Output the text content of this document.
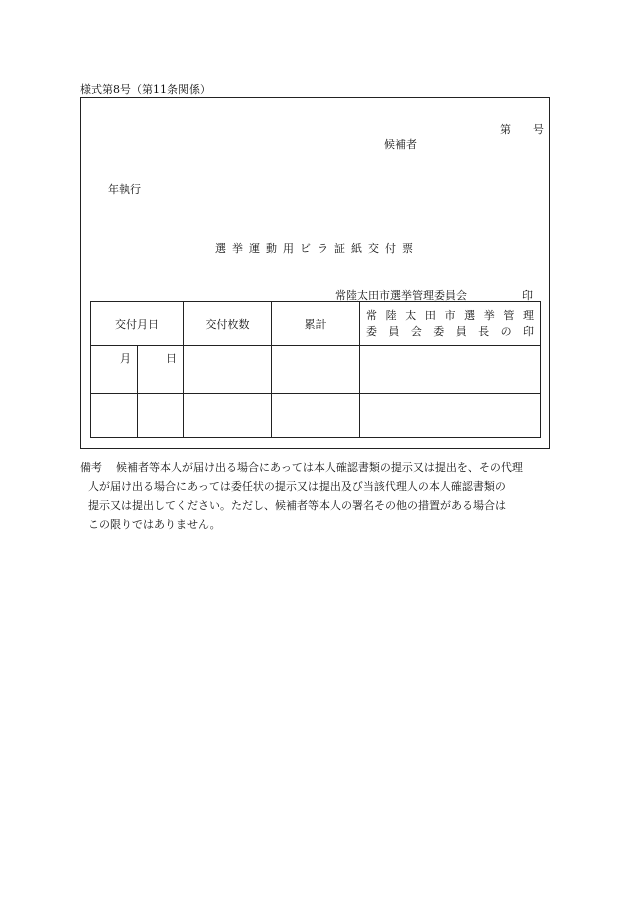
様式第8号（第11条関係）
第 号
候補者
年執行
選挙運動用ビラ証紙交付票
常陸太田市選挙管理委員会	印
交付月日		交付枚数	累計	常陸太田市選挙管理
委員会委員長の印

月	日			

備考 候補者等本人が届け出る場合にあっては本人確認書類の提示又は提出を、その代理
人が届け出る場合にあっては委任状の提示又は提出及び当該代理人の本人確認書類の
提示又は提出してください。ただし、候補者等本人の署名その他の措置がある場合は
この限りではありません。
